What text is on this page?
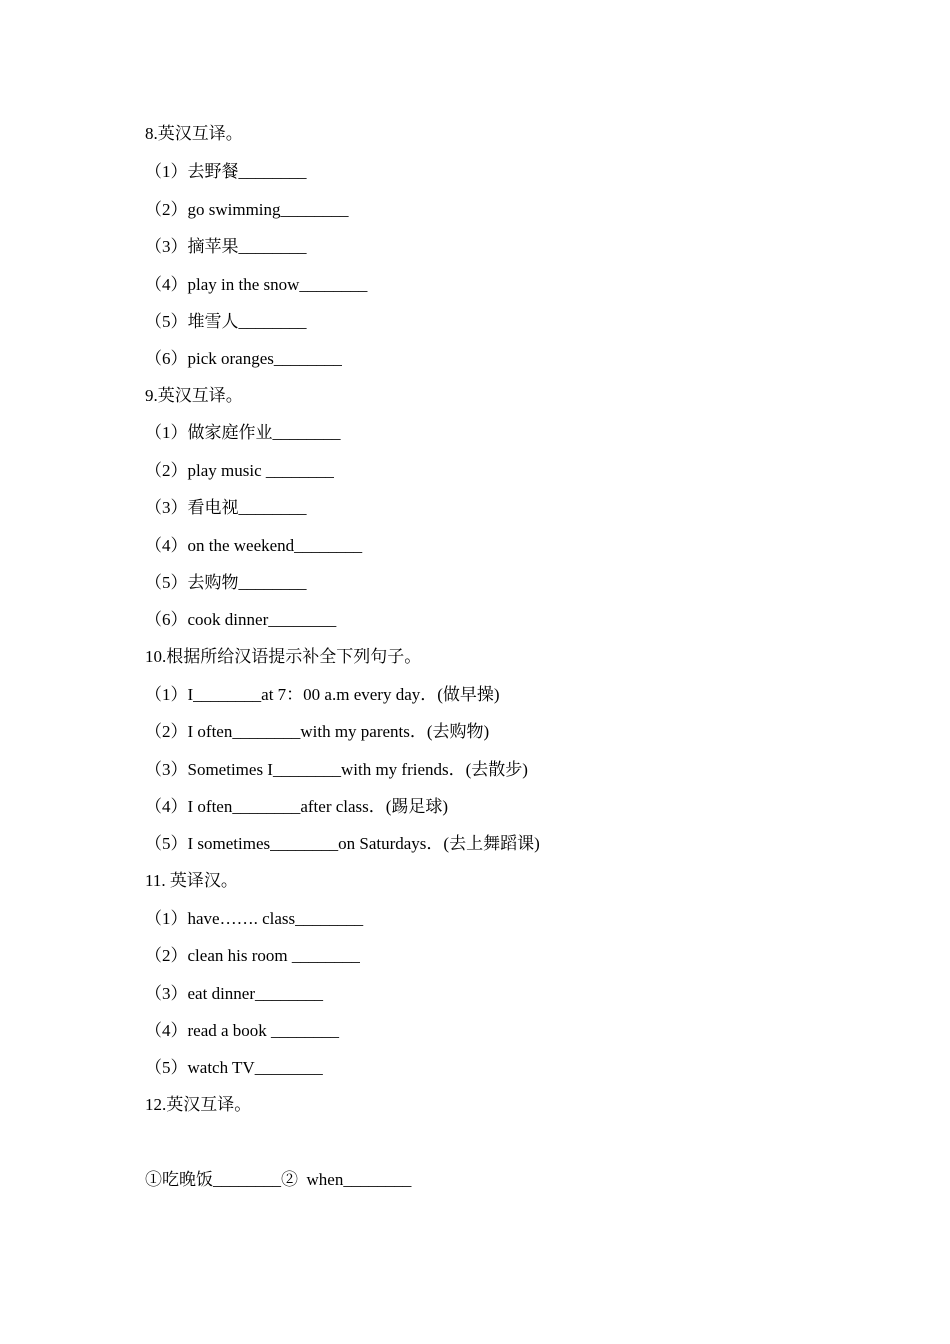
8.英汉互译。
（1）去野餐________
（2）go swimming________
（3）摘苹果________
（4）play in the snow________
（5）堆雪人________
（6）pick oranges________
9.英汉互译。
（1）做家庭作业________
（2）play music ________
（3）看电视________
（4）on the weekend________
（5）去购物________
（6）cook dinner________
10.根据所给汉语提示补全下列句子。
（1）I________at 7：00 a.m every day．(做早操)
（2）I often________with my parents．(去购物)
（3）Sometimes I________with my friends．(去散步)
（4）I often________after class．(踢足球)
（5）I sometimes________on Saturdays．(去上舞蹈课)
11. 英译汉。
（1）have……. class________
（2）clean his room ________
（3）eat dinner________
（4）read a book ________
（5）watch TV________
12.英汉互译。
①吃晚饭________②  when________
